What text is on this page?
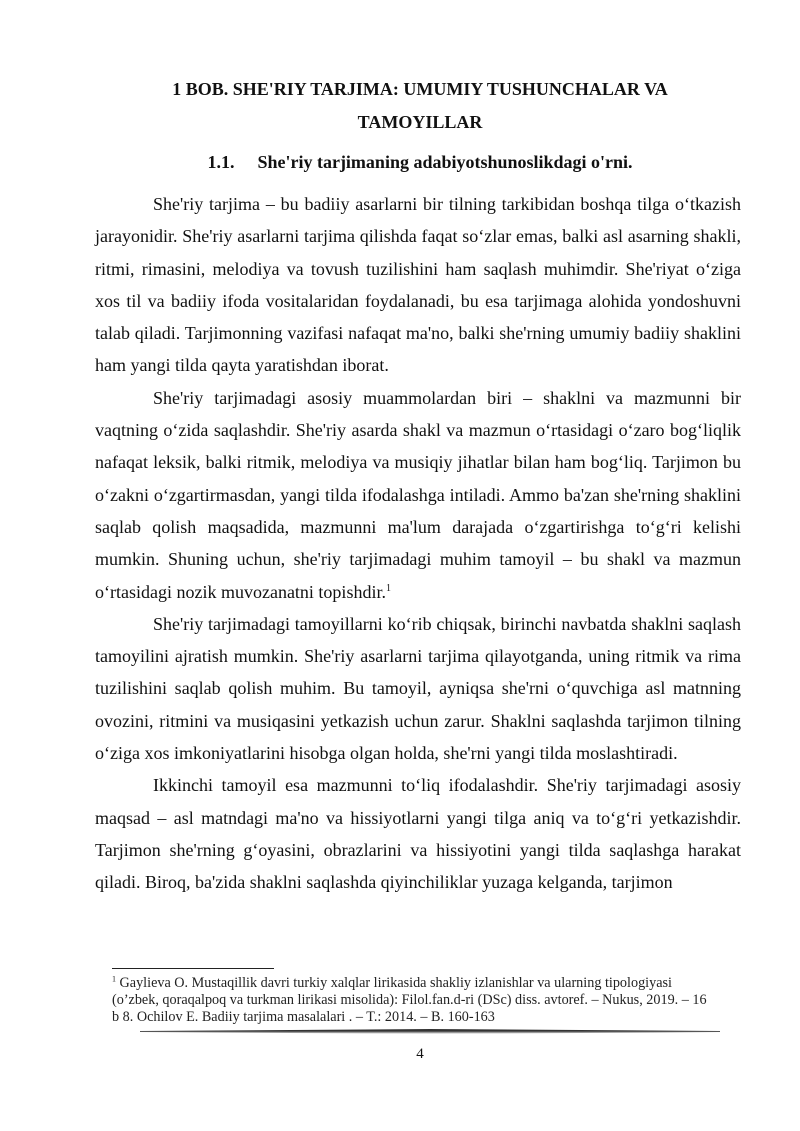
1 BOB. SHE'RIY TARJIMA: UMUMIY TUSHUNCHALAR VA
TAMOYILLAR
1.1. She'riy tarjimaning adabiyotshunoslikdagi o'rni.

She'riy tarjima – bu badiiy asarlarni bir tilning tarkibidan boshqa tilga o‘tkazish jarayonidir. She'riy asarlarni tarjima qilishda faqat so‘zlar emas, balki asl asarning shakli, ritmi, rimasini, melodiya va tovush tuzilishini ham saqlash muhimdir. She'riyat o‘ziga xos til va badiiy ifoda vositalaridan foydalanadi, bu esa tarjimaga alohida yondoshuvni talab qiladi. Tarjimonning vazifasi nafaqat ma'no, balki she'rning umumiy badiiy shaklini ham yangi tilda qayta yaratishdan iborat.

She'riy tarjimadagi asosiy muammolardan biri – shaklni va mazmunni bir vaqtning o‘zida saqlashdir. She'riy asarda shakl va mazmun o‘rtasidagi o‘zaro bog‘liqlik nafaqat leksik, balki ritmik, melodiya va musiqiy jihatlar bilan ham bog‘liq. Tarjimon bu o‘zakni o‘zgartirmasdan, yangi tilda ifodalashga intiladi. Ammo ba'zan she'rning shaklini saqlab qolish maqsadida, mazmunni ma'lum darajada o‘zgartirishga to‘g‘ri kelishi mumkin. Shuning uchun, she'riy tarjimadagi muhim tamoyil – bu shakl va mazmun o‘rtasidagi nozik muvozanatni topishdir.$^1$

She'riy tarjimadagi tamoyillarni ko‘rib chiqsak, birinchi navbatda shaklni saqlash tamoyilini ajratish mumkin. She'riy asarlarni tarjima qilayotganda, uning ritmik va rima tuzilishini saqlab qolish muhim. Bu tamoyil, ayniqsa she'rni o‘quvchiga asl matnning ovozini, ritmini va musiqasini yetkazish uchun zarur. Shaklni saqlashda tarjimon tilning o‘ziga xos imkoniyatlarini hisobga olgan holda, she'rni yangi tilda moslashtiradi.

Ikkinchi tamoyil esa mazmunni to‘liq ifodalashdir. She'riy tarjimadagi asosiy maqsad – asl matndagi ma'no va hissiyotlarni yangi tilga aniq va to‘g‘ri yetkazishdir. Tarjimon she'rning g‘oyasini, obrazlarini va hissiyotini yangi tilda saqlashga harakat qiladi. Biroq, ba'zida shaklni saqlashda qiyinchiliklar yuzaga kelganda, tarjimon

$^1$ Gaylieva O. Mustaqillik davri turkiy xalqlar lirikasida shakliy izlanishlar va ularning tipologiyasi (o’zbek, qoraqalpoq va turkman lirikasi misolida): Filol.fan.d-ri (DSc) diss. avtoref. – Nukus, 2019. – 16 b 8. Ochilov E. Badiiy tarjima masalalari . – T.: 2014. – B. 160-163
4
